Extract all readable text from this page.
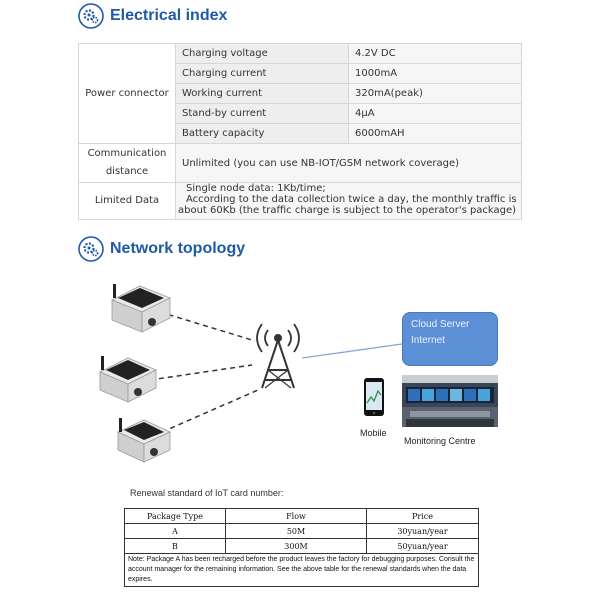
Electrical index
Power connector	Charging voltage	4.2V DC
	Charging current	1000mA
	Working current	320mA(peak)
	Stand-by current	4μA
	Battery capacity	6000mAH
Communication distance	Unlimited (you can use NB-IOT/GSM network coverage)	
Limited Data	Single node data: 1Kb/time;
According to the data collection twice a day, the monthly traffic is
about 60Kb (the traffic charge is subject to the operator's package)	
Network topology
Cloud Server
Internet
Mobile
Monitoring Centre
Renewal standard of IoT card number:
Package Type	Flow	Price
A	50M	30yuan/year
B	300M	50yuan/year
Note: Package A has been recharged before the product leaves the factory for debugging purposes. Consult the account manager for the remaining information. See the above table for the renewal standards when the data expires.		
